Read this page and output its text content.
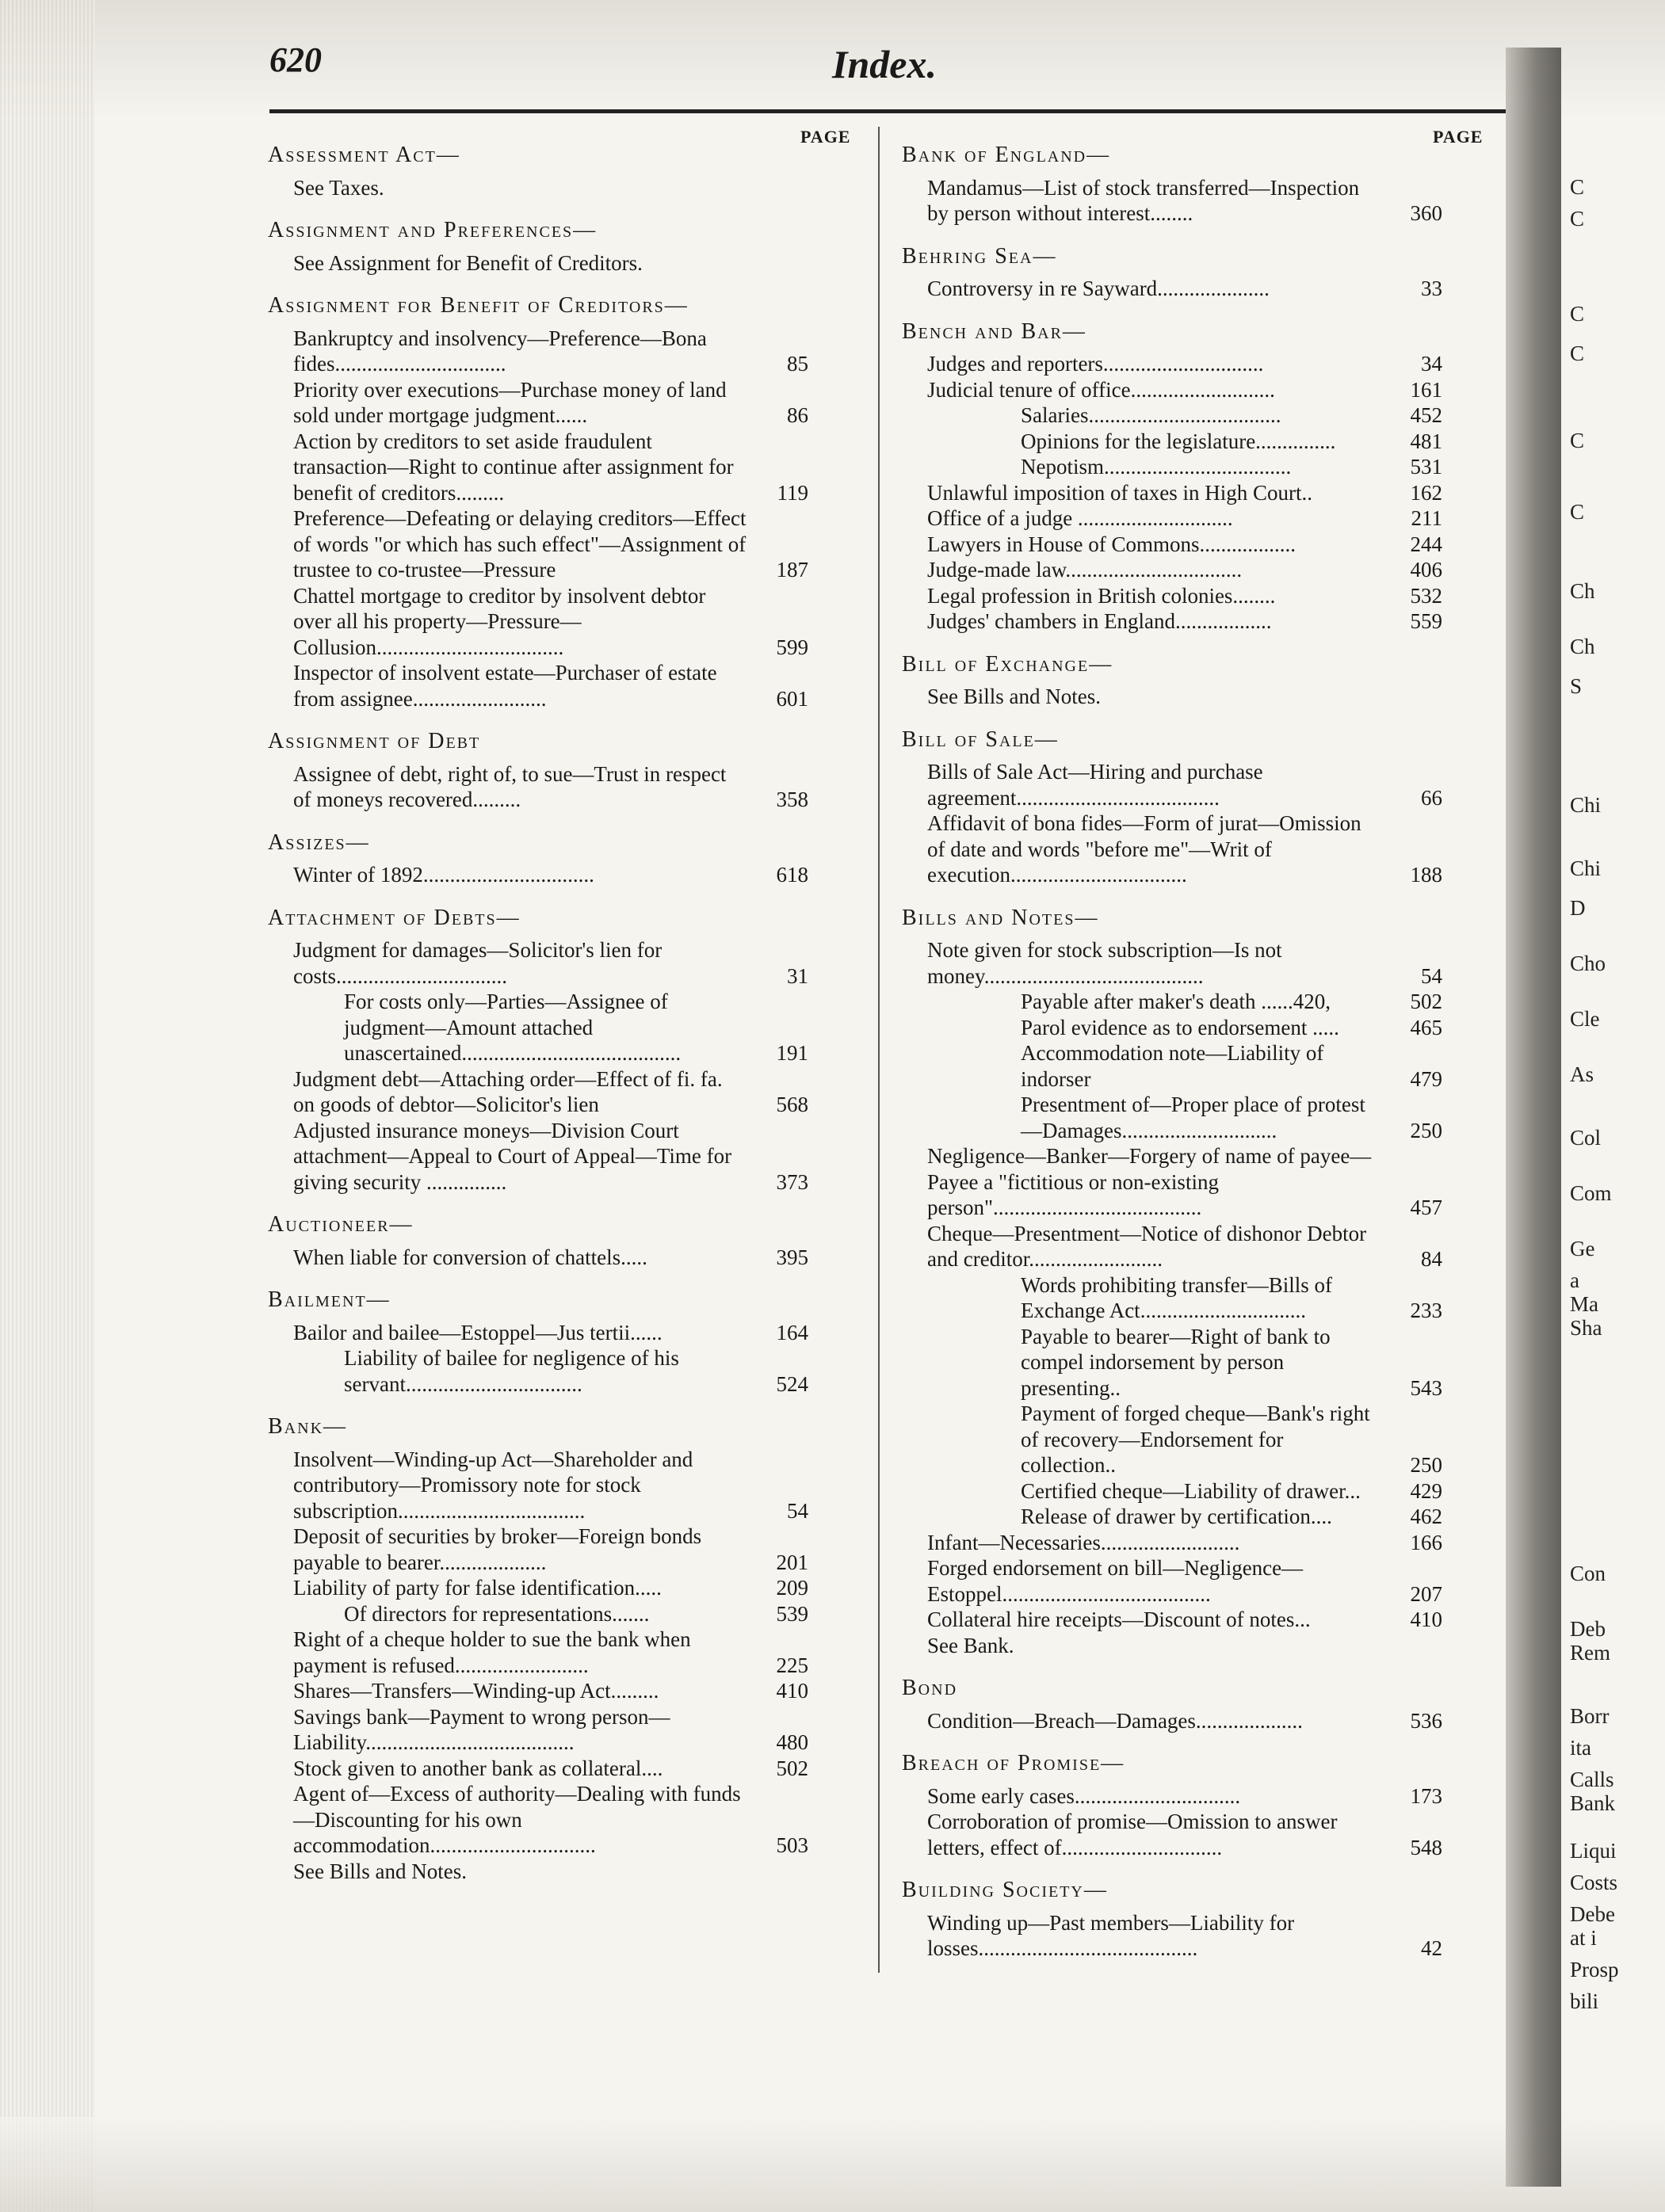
620	Index.
PAGE	PAGE
Assessment Act—
See Taxes.
Assignment and Preferences—
See Assignment for Benefit of Creditors.
Assignment for Benefit of Creditors—
Bankruptcy and insolvency—Preference—Bona fides................................	85
Priority over executions—Purchase money of land sold under mortgage judgment......	86
Action by creditors to set aside fraudulent transaction—Right to continue after assignment for benefit of creditors.........	119
Preference—Defeating or delaying creditors—Effect of words "or which has such effect"—Assignment of trustee to co-trustee—Pressure	187
Chattel mortgage to creditor by insolvent debtor over all his property—Pressure—Collusion...................................	599
Inspector of insolvent estate—Purchaser of estate from assignee.........................	601
Assignment of Debt
Assignee of debt, right of, to sue—Trust in respect of moneys recovered.........	358
Assizes—
Winter of 1892................................	618
Attachment of Debts—
Judgment for damages—Solicitor's lien for costs................................	31
For costs only—Parties—Assignee of judgment—Amount attached unascertained.........................................	191
Judgment debt—Attaching order—Effect of fi. fa. on goods of debtor—Solicitor's lien	568
Adjusted insurance moneys—Division Court attachment—Appeal to Court of Appeal—Time for giving security ...............	373
Auctioneer—
When liable for conversion of chattels.....	395
Bailment—
Bailor and bailee—Estoppel—Jus tertii......	164
Liability of bailee for negligence of his servant.................................	524
Bank—
Insolvent—Winding-up Act—Shareholder and contributory—Promissory note for stock subscription...................................	54
Deposit of securities by broker—Foreign bonds payable to bearer....................	201
Liability of party for false identification.....	209
Of directors for representations.......	539
Right of a cheque holder to sue the bank when payment is refused.........................	225
Shares—Transfers—Winding-up Act.........	410
Savings bank—Payment to wrong person—Liability.......................................	480
Stock given to another bank as collateral....	502
Agent of—Excess of authority—Dealing with funds—Discounting for his own accommodation...............................	503
See Bills and Notes.
Bank of England—
Mandamus—List of stock transferred—Inspection by person without interest........	360
Behring Sea—
Controversy in re Sayward.....................	33
Bench and Bar—
Judges and reporters..............................	34
Judicial tenure of office...........................	161
Salaries....................................	452
Opinions for the legislature...............	481
Nepotism...................................	531
Unlawful imposition of taxes in High Court..	162
Office of a judge .............................	211
Lawyers in House of Commons..................	244
Judge-made law.................................	406
Legal profession in British colonies........	532
Judges' chambers in England..................	559
Bill of Exchange—
See Bills and Notes.
Bill of Sale—
Bills of Sale Act—Hiring and purchase agreement......................................	66
Affidavit of bona fides—Form of jurat—Omission of date and words "before me"—Writ of execution.................................	188
Bills and Notes—
Note given for stock subscription—Is not money.........................................	54
Payable after maker's death ......420,	502
Parol evidence as to endorsement .....	465
Accommodation note—Liability of indorser	479
Presentment of—Proper place of protest—Damages.............................	250
Negligence—Banker—Forgery of name of payee—Payee a "fictitious or non-existing person".......................................	457
Cheque—Presentment—Notice of dishonor Debtor and creditor.........................	84
Words prohibiting transfer—Bills of Exchange Act...............................	233
Payable to bearer—Right of bank to compel indorsement by person presenting..	543
Payment of forged cheque—Bank's right of recovery—Endorsement for collection..	250
Certified cheque—Liability of drawer...	429
Release of drawer by certification....	462
Infant—Necessaries..........................	166
Forged endorsement on bill—Negligence—Estoppel.......................................	207
Collateral hire receipts—Discount of notes...	410
See Bank.
Bond
Condition—Breach—Damages....................	536
Breach of Promise—
Some early cases...............................	173
Corroboration of promise—Omission to answer letters, effect of..............................	548
Building Society—
Winding up—Past members—Liability for losses.........................................	42
C
C
C
C
C
C
Ch
Ch
S
Chi
Chi
D
Cho
Cle
As
Col
Com
Ge
a
Ma
Sha
Con
Deb
Rem
Borr
ita
Calls
Bank
Liqui
Costs
Debe
at i
Prosp
bili
